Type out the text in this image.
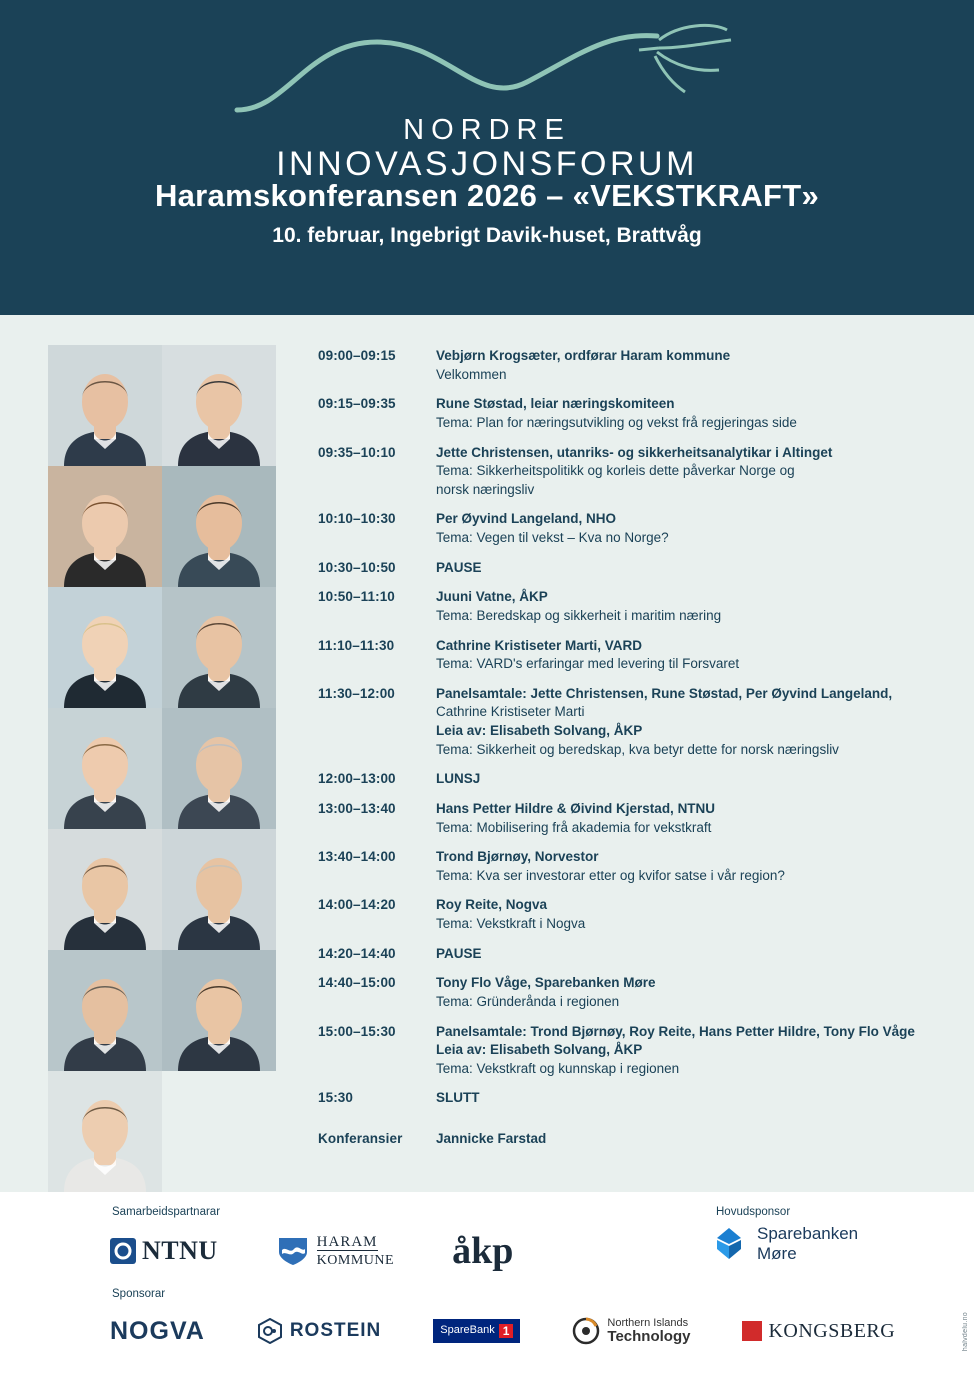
NORDRE
INNOVASJONSFORUM
Haramskonferansen 2026 – «VEKSTKRAFT»
10. februar, Ingebrigt Davik-huset, Brattvåg
09:00–09:15	Vebjørn Krogsæter, ordførar Haram kommune
Velkommen
09:15–09:35	Rune Støstad, leiar næringskomiteen
Tema: Plan for næringsutvikling og vekst frå regjeringas side
09:35–10:10	Jette Christensen, utanriks- og sikkerheitsanalytikar i Altinget
Tema: Sikkerheitspolitikk og korleis dette påverkar Norge og
norsk næringsliv
10:10–10:30	Per Øyvind Langeland, NHO
Tema: Vegen til vekst – Kva no Norge?
10:30–10:50	PAUSE
10:50–11:10	Juuni Vatne, ÅKP
Tema: Beredskap og sikkerheit i maritim næring
11:10–11:30	Cathrine Kristiseter Marti, VARD
Tema: VARD's erfaringar med levering til Forsvaret
11:30–12:00	Panelsamtale: Jette Christensen, Rune Støstad, Per Øyvind Langeland,
Cathrine Kristiseter Marti
Leia av: Elisabeth Solvang, ÅKP
Tema: Sikkerheit og beredskap, kva betyr dette for norsk næringsliv
12:00–13:00	LUNSJ
13:00–13:40	Hans Petter Hildre & Øivind Kjerstad, NTNU
Tema: Mobilisering frå akademia for vekstkraft
13:40–14:00	Trond Bjørnøy, Norvestor
Tema: Kva ser investorar etter og kvifor satse i vår region?
14:00–14:20	Roy Reite, Nogva
Tema: Vekstkraft i Nogva
14:20–14:40	PAUSE
14:40–15:00	Tony Flo Våge, Sparebanken Møre
Tema: Gründerånda i regionen
15:00–15:30	Panelsamtale: Trond Bjørnøy, Roy Reite, Hans Petter Hildre, Tony Flo Våge
Leia av: Elisabeth Solvang, ÅKP
Tema: Vekstkraft og kunnskap i regionen
15:30	SLUTT
Konferansier	Jannicke Farstad
Samarbeidspartnarar	Hovudsponsor
NTNU	HARAM
KOMMUNE åkp	Sparebanken
Møre
Sponsorar
NOGVA	ROSTEIN	SpareBank 1
Northern Islands
Technology	KONGSBERG	halvdelu.no
